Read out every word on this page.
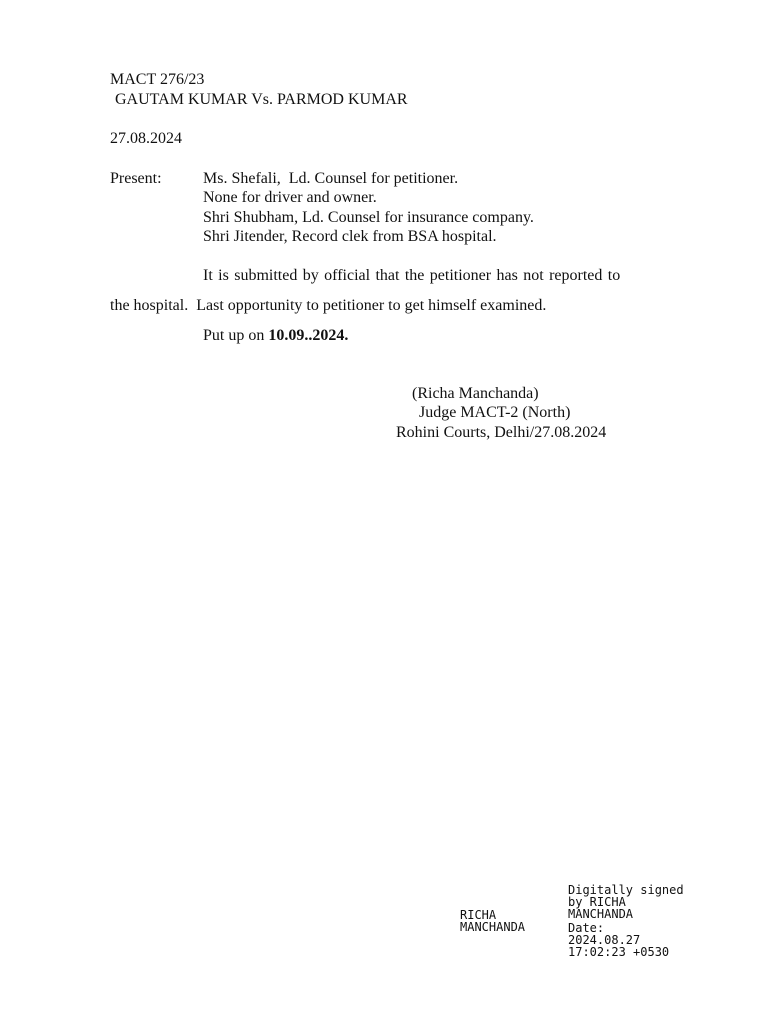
MACT 276/23
GAUTAM KUMAR Vs. PARMOD KUMAR
27.08.2024
Present:	Ms. Shefali,  Ld. Counsel for petitioner.
None for driver and owner.
Shri Shubham, Ld. Counsel for insurance company.
Shri Jitender, Record clek from BSA hospital.
It is submitted by official that the petitioner has not reported to
the hospital.  Last opportunity to petitioner to get himself examined.
Put up on 10.09..2024.
(Richa Manchanda)
Judge MACT-2 (North)
Rohini Courts, Delhi/27.08.2024
RICHA
MANCHANDA
Digitally signed
by RICHA
MANCHANDA
Date:
2024.08.27
17:02:23 +0530
